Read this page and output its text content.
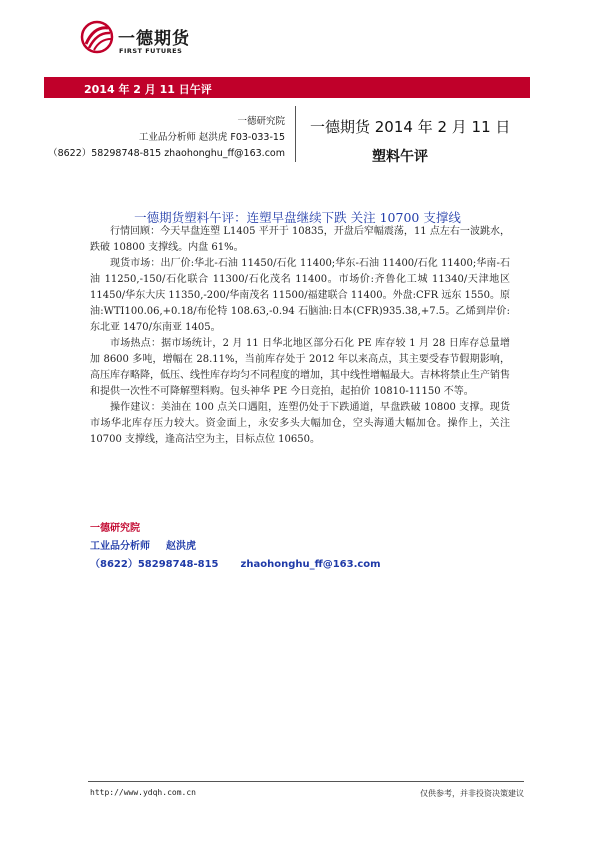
一德期货
FIRST FUTURES
2014 年 2 月 11 日午评
一德研究院
工业品分析师 赵洪虎 F03-033-15
（8622）58298748-815 zhaohonghu_ff@163.com
一德期货 2014 年 2 月 11 日
塑料午评
一德期货塑料午评：连塑早盘继续下跌 关注 10700 支撑线

行情回顾：今天早盘连塑 L1405 平开于 10835，开盘后窄幅震荡，11 点左右一波跳水，跌破 10800 支撑线。内盘 61%。

现货市场：出厂价:华北-石油 11450/石化 11400;华东-石油 11400/石化 11400;华南-石油 11250,-150/石化联合 11300/石化茂名 11400。市场价:齐鲁化工城 11340/天津地区 11450/华东大庆 11350,-200/华南茂名 11500/福建联合 11400。外盘:CFR 远东 1550。原油:WTI100.06,+0.18/布伦特 108.63,-0.94 石脑油:日本(CFR)935.38,+7.5。乙烯到岸价:东北亚 1470/东南亚 1405。

市场热点：据市场统计，2 月 11 日华北地区部分石化 PE 库存较 1 月 28 日库存总量增加 8600 多吨，增幅在 28.11%，当前库存处于 2012 年以来高点，其主要受春节假期影响，高压库存略降，低压、线性库存均匀不同程度的增加，其中线性增幅最大。吉林将禁止生产销售和提供一次性不可降解塑料购。包头神华 PE 今日竞拍，起拍价 10810-11150 不等。

操作建议：美油在 100 点关口遇阻，连塑仍处于下跌通道，早盘跌破 10800 支撑。现货市场华北库存压力较大。资金面上，永安多头大幅加仓，空头海通大幅加仓。操作上，关注 10700 支撑线，逢高沽空为主，目标点位 10650。

一德研究院
工业品分析师 赵洪虎
（8622）58298748-815 zhaohonghu_ff@163.com
http://www.ydqh.com.cn	仅供参考，并非投资决策建议
